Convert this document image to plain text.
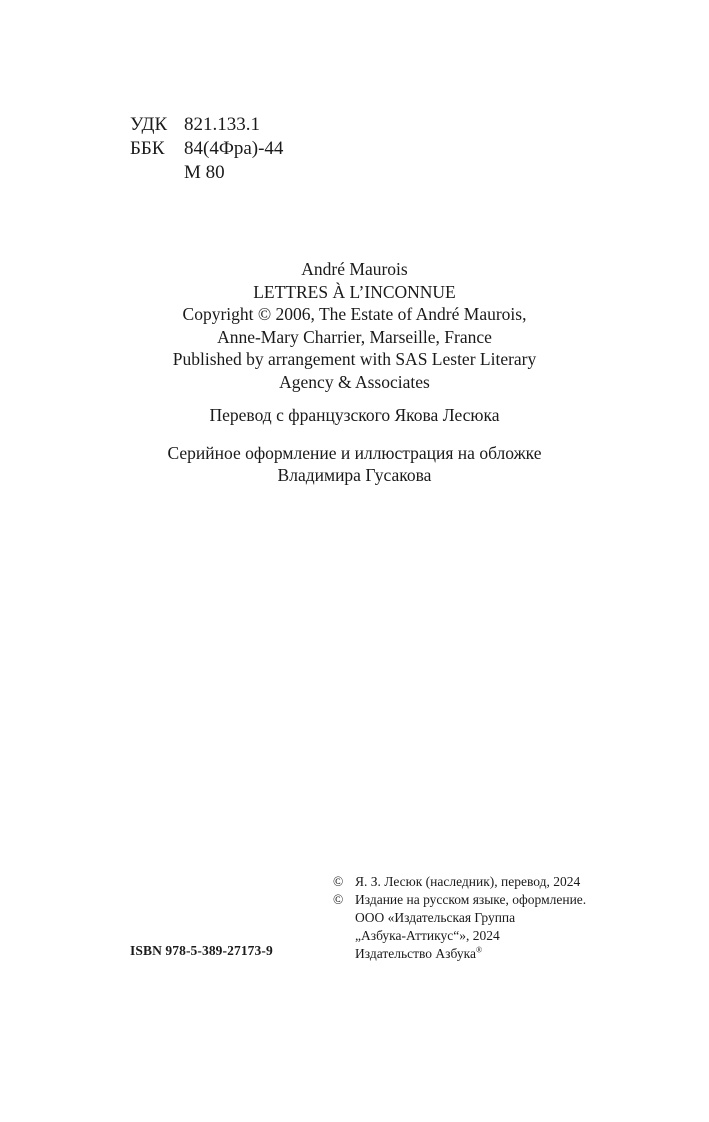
УДК 821.133.1
ББК	84(4Фра)-44
М 80
André Maurois
LETTRES À L’INCONNUE
Copyright © 2006, The Estate of André Maurois,
Anne-Mary Charrier, Marseille, France
Published by arrangement with SAS Lester Literary
Agency & Associates
Перевод с французского Якова Лесюка
Серийное оформление и иллюстрация на обложке
Владимира Гусакова
ISBN 978-5-389-27173-9
© Я. З. Лесюк (наследник), перевод, 2024
© Издание на русском языке, оформление.
ООО «Издательская Группа
„Азбука-Аттикус“», 2024
Издательство Азбука®
